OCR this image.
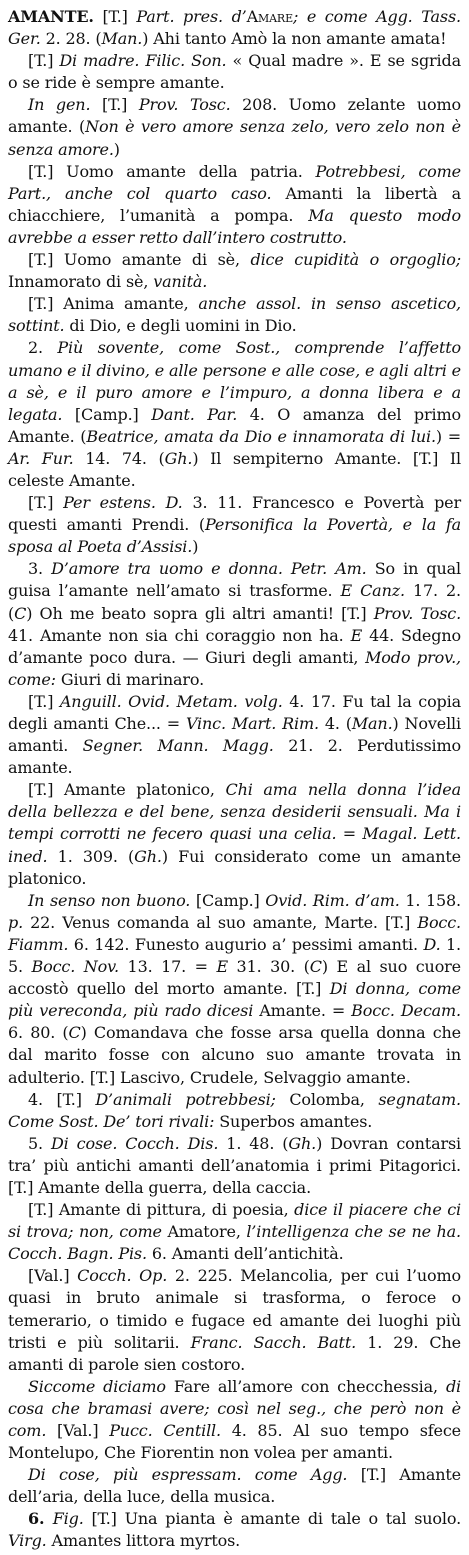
AMANTE. [T.] Part. pres. d’Amare; e come Agg. Tass. Ger. 2. 28. (Man.) Ahi tanto Amò la non amante amata!

[T.] Di madre. Filic. Son. « Qual madre ». E se sgrida o se ride è sempre amante.

In gen. [T.] Prov. Tosc. 208. Uomo zelante uomo amante. (Non è vero amore senza zelo, vero zelo non è senza amore.)

[T.] Uomo amante della patria. Potrebbesi, come Part., anche col quarto caso. Amanti la libertà a chiacchiere, l’umanità a pompa. Ma questo modo avrebbe a esser retto dall’intero costrutto.

[T.] Uomo amante di sè, dice cupidità o orgoglio; Innamorato di sè, vanità.

[T.] Anima amante, anche assol. in senso ascetico, sottint. di Dio, e degli uomini in Dio.

2. Più sovente, come Sost., comprende l’affetto umano e il divino, e alle persone e alle cose, e agli altri e a sè, e il puro amore e l’impuro, a donna libera e a legata. [Camp.] Dant. Par. 4. O amanza del primo Amante. (Beatrice, amata da Dio e innamorata di lui.) = Ar. Fur. 14. 74. (Gh.) Il sempiterno Amante. [T.] Il celeste Amante.

[T.] Per estens. D. 3. 11. Francesco e Povertà per questi amanti Prendi. (Personifica la Povertà, e la fa sposa al Poeta d’Assisi.)

3. D’amore tra uomo e donna. Petr. Am. So in qual guisa l’amante nell’amato si trasforme. E Canz. 17. 2. (C) Oh me beato sopra gli altri amanti! [T.] Prov. Tosc. 41. Amante non sia chi coraggio non ha. E 44. Sdegno d’amante poco dura. — Giuri degli amanti, Modo prov., come: Giuri di marinaro.

[T.] Anguill. Ovid. Metam. volg. 4. 17. Fu tal la copia degli amanti Che... = Vinc. Mart. Rim. 4. (Man.) Novelli amanti. Segner. Mann. Magg. 21. 2. Perdutissimo amante.

[T.] Amante platonico, Chi ama nella donna l’idea della bellezza e del bene, senza desiderii sensuali. Ma i tempi corrotti ne fecero quasi una celia. = Magal. Lett. ined. 1. 309. (Gh.) Fui considerato come un amante platonico.

In senso non buono. [Camp.] Ovid. Rim. d’am. 1. 158. p. 22. Venus comanda al suo amante, Marte. [T.] Bocc. Fiamm. 6. 142. Funesto augurio a’ pessimi amanti. D. 1. 5. Bocc. Nov. 13. 17. = E 31. 30. (C) E al suo cuore accostò quello del morto amante. [T.] Di donna, come più vereconda, più rado dicesi Amante. = Bocc. Decam. 6. 80. (C) Comandava che fosse arsa quella donna che dal marito fosse con alcuno suo amante trovata in adulterio. [T.] Lascivo, Crudele, Selvaggio amante.

4. [T.] D’animali potrebbesi; Colomba, segnatam. Come Sost. De’ tori rivali: Superbos amantes.

5. Di cose. Cocch. Dis. 1. 48. (Gh.) Dovran contarsi tra’ più antichi amanti dell’anatomia i primi Pitagorici. [T.] Amante della guerra, della caccia.

[T.] Amante di pittura, di poesia, dice il piacere che ci si trova; non, come Amatore, l’intelligenza che se ne ha. Cocch. Bagn. Pis. 6. Amanti dell’antichità.

[Val.] Cocch. Op. 2. 225. Melancolia, per cui l’uomo quasi in bruto animale si trasforma, o feroce o temerario, o timido e fugace ed amante dei luoghi più tristi e più solitarii. Franc. Sacch. Batt. 1. 29. Che amanti di parole sien costoro.

Siccome diciamo Fare all’amore con checchessia, di cosa che bramasi avere; così nel seg., che però non è com. [Val.] Pucc. Centill. 4. 85. Al suo tempo sfece Montelupo, Che Fiorentin non volea per amanti.

Di cose, più espressam. come Agg. [T.] Amante dell’aria, della luce, della musica.

6. Fig. [T.] Una pianta è amante di tale o tal suolo. Virg. Amantes littora myrtos.
